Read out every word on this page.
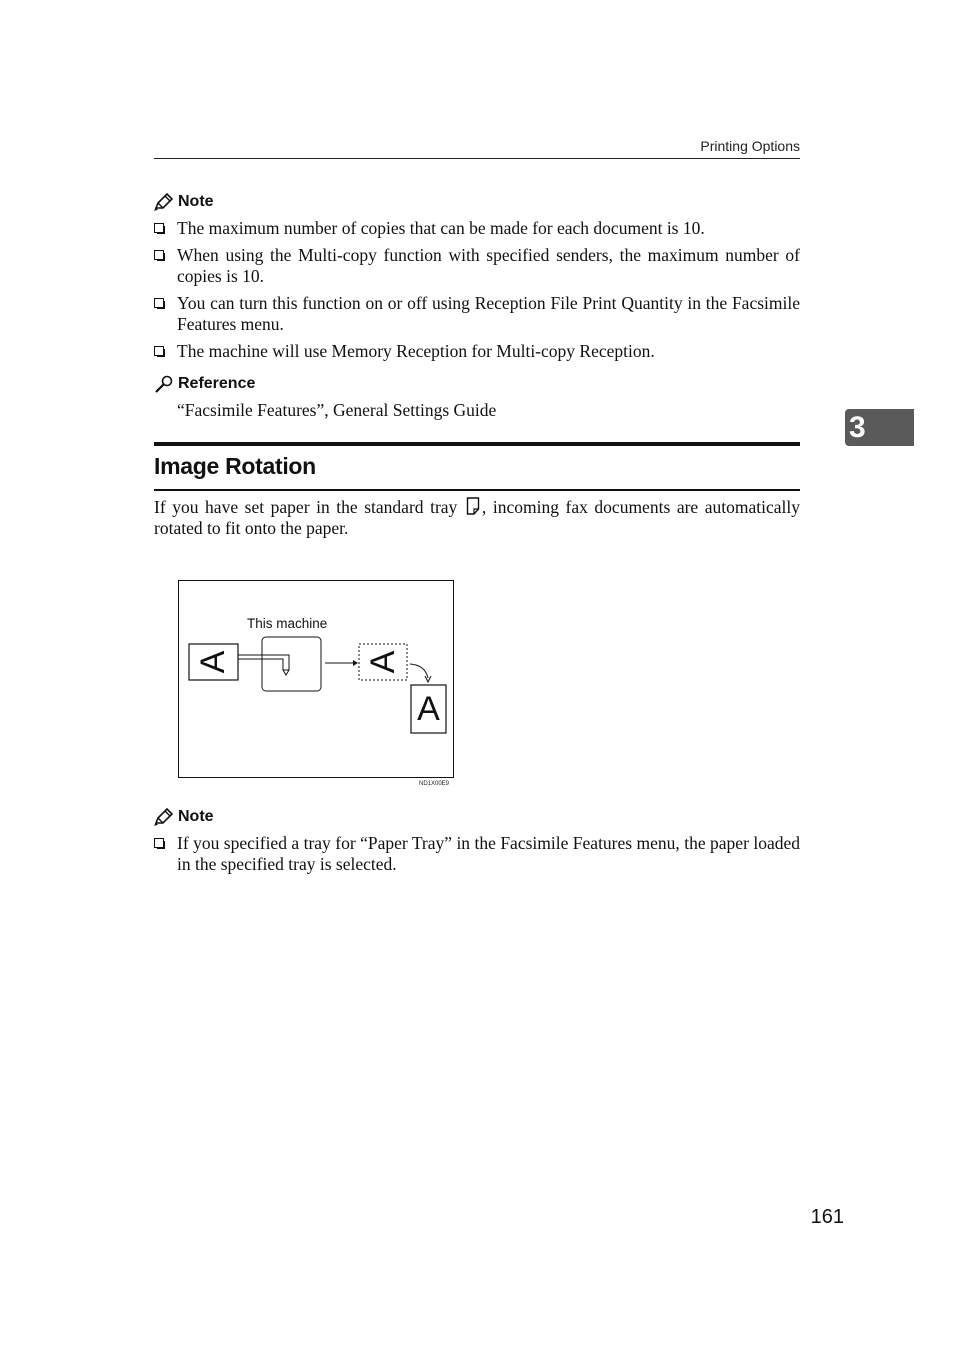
Printing Options
Note
The maximum number of copies that can be made for each document is 10.
When using the Multi-copy function with specified senders, the maximum number of copies is 10.
You can turn this function on or off using Reception File Print Quantity in the Facsimile Features menu.
The machine will use Memory Reception for Multi-copy Reception.
Reference
“Facsimile Features”, General Settings Guide
Image Rotation

If you have set paper in the standard tray , incoming fax documents are automatically rotated to fit onto the paper.

A	A
A
This machine
ND1X00E9
Note
If you specified a tray for “Paper Tray” in the Facsimile Features menu, the paper loaded in the specified tray is selected.
3
161
